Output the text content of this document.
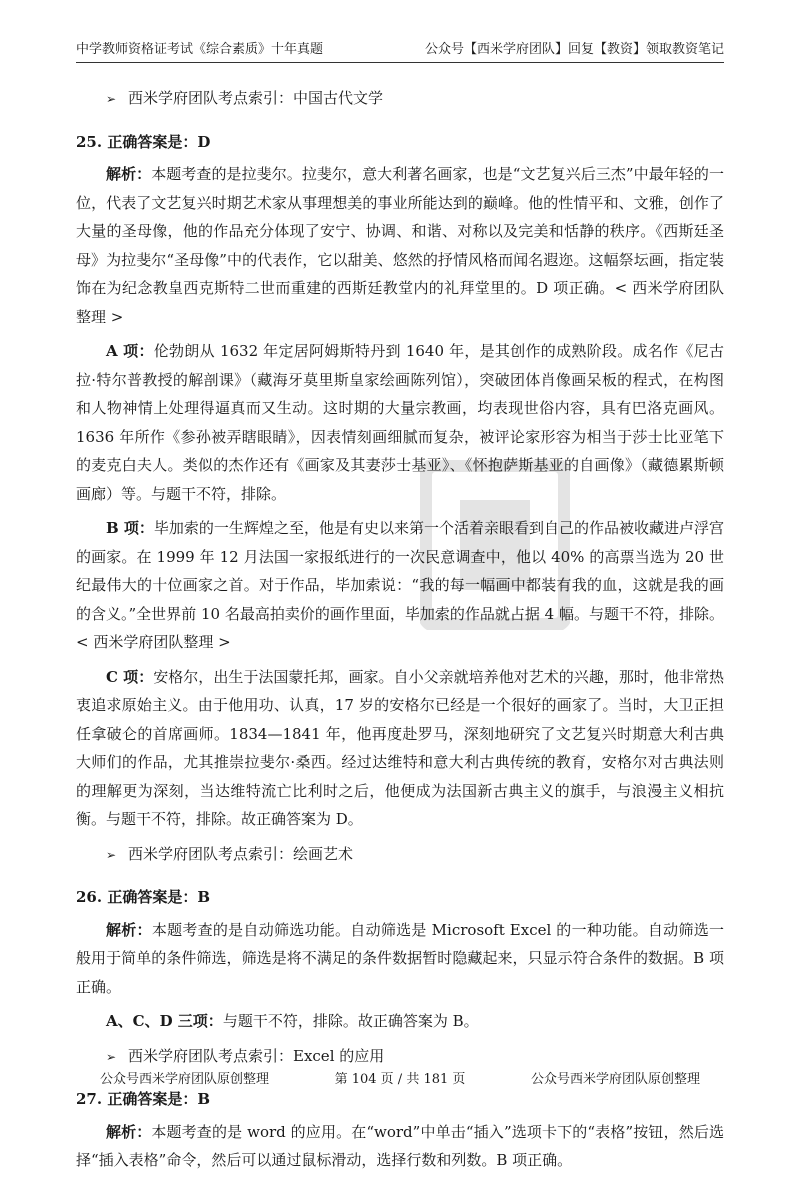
中学教师资格证考试《综合素质》十年真题	公众号【西米学府团队】回复【教资】领取教资笔记
➢ 西米学府团队考点索引：中国古代文学
25. 正确答案是：D

解析：本题考查的是拉斐尔。拉斐尔，意大利著名画家，也是“文艺复兴后三杰”中最年轻的一位，代表了文艺复兴时期艺术家从事理想美的事业所能达到的巅峰。他的性情平和、文雅，创作了大量的圣母像，他的作品充分体现了安宁、协调、和谐、对称以及完美和恬静的秩序。《西斯廷圣母》为拉斐尔“圣母像”中的代表作，它以甜美、悠然的抒情风格而闻名遐迩。这幅祭坛画，指定装饰在为纪念教皇西克斯特二世而重建的西斯廷教堂内的礼拜堂里的。D 项正确。< 西米学府团队整理 >

A 项：伦勃朗从 1632 年定居阿姆斯特丹到 1640 年，是其创作的成熟阶段。成名作《尼古拉·特尔普教授的解剖课》（藏海牙莫里斯皇家绘画陈列馆），突破团体肖像画呆板的程式，在构图和人物神情上处理得逼真而又生动。这时期的大量宗教画，均表现世俗内容，具有巴洛克画风。1636 年所作《参孙被弄瞎眼睛》，因表情刻画细腻而复杂，被评论家形容为相当于莎士比亚笔下的麦克白夫人。类似的杰作还有《画家及其妻莎士基亚》、《怀抱萨斯基亚的自画像》（藏德累斯顿画廊）等。与题干不符，排除。

B 项：毕加索的一生辉煌之至，他是有史以来第一个活着亲眼看到自己的作品被收藏进卢浮宫的画家。在 1999 年 12 月法国一家报纸进行的一次民意调查中，他以 40% 的高票当选为 20 世纪最伟大的十位画家之首。对于作品，毕加索说：“我的每一幅画中都装有我的血，这就是我的画的含义。”全世界前 10 名最高拍卖价的画作里面，毕加索的作品就占据 4 幅。与题干不符，排除。< 西米学府团队整理 >

C 项：安格尔，出生于法国蒙托邦，画家。自小父亲就培养他对艺术的兴趣，那时，他非常热衷追求原始主义。由于他用功、认真，17 岁的安格尔已经是一个很好的画家了。当时，大卫正担任拿破仑的首席画师。1834—1841 年，他再度赴罗马，深刻地研究了文艺复兴时期意大利古典大师们的作品，尤其推崇拉斐尔·桑西。经过达维特和意大利古典传统的教育，安格尔对古典法则的理解更为深刻，当达维特流亡比利时之后，他便成为法国新古典主义的旗手，与浪漫主义相抗衡。与题干不符，排除。故正确答案为 D。

➢ 西米学府团队考点索引：绘画艺术
26. 正确答案是：B

解析：本题考查的是自动筛选功能。自动筛选是 Microsoft Excel 的一种功能。自动筛选一般用于简单的条件筛选，筛选是将不满足的条件数据暂时隐藏起来，只显示符合条件的数据。B 项正确。

A、C、D 三项：与题干不符，排除。故正确答案为 B。

➢ 西米学府团队考点索引：Excel 的应用
27. 正确答案是：B

解析：本题考查的是 word 的应用。在“word”中单击“插入”选项卡下的“表格”按钮，然后选择“插入表格”命令，然后可以通过鼠标滑动，选择行数和列数。B 项正确。

公众号西米学府团队原创整理	第 104 页 / 共 181 页	公众号西米学府团队原创整理
